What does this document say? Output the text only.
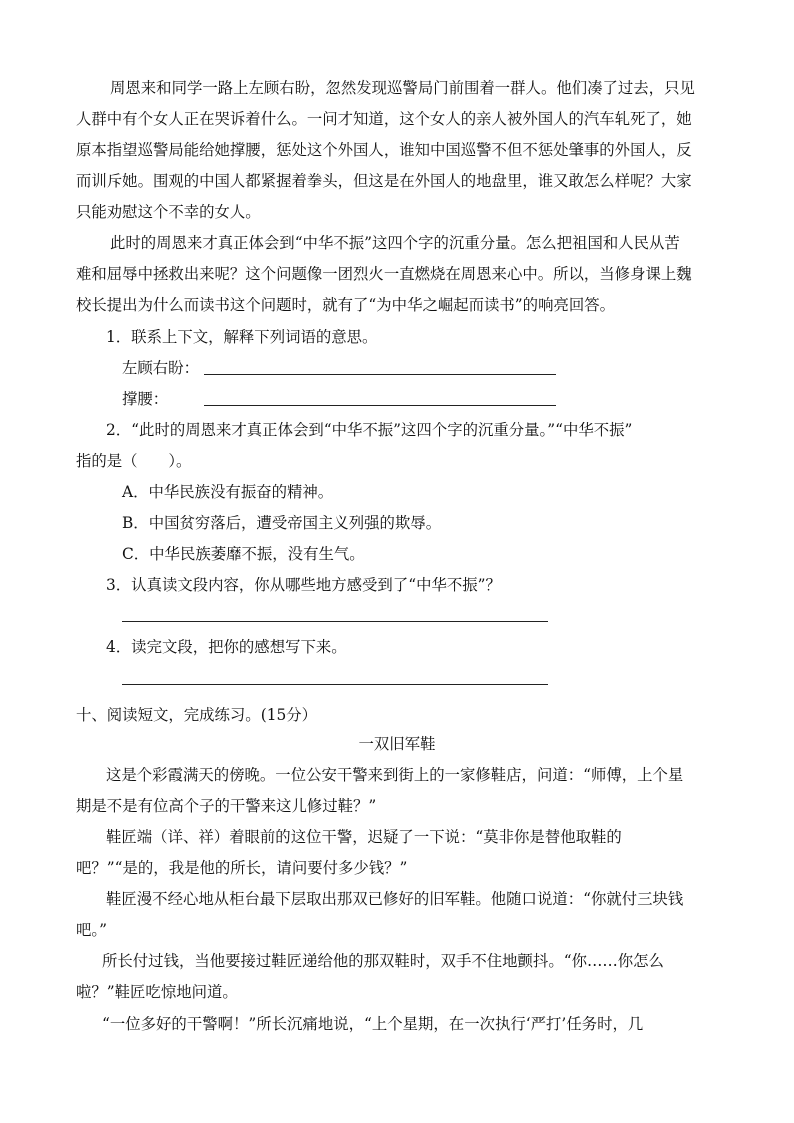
周恩来和同学一路上左顾右盼，忽然发现巡警局门前围着一群人。他们凑了过去，只见
人群中有个女人正在哭诉着什么。一问才知道，这个女人的亲人被外国人的汽车轧死了，她
原本指望巡警局能给她撑腰，惩处这个外国人，谁知中国巡警不但不惩处肇事的外国人，反
而训斥她。围观的中国人都紧握着拳头，但这是在外国人的地盘里，谁又敢怎么样呢？大家
只能劝慰这个不幸的女人。
此时的周恩来才真正体会到“中华不振”这四个字的沉重分量。怎么把祖国和人民从苦
难和屈辱中拯救出来呢？这个问题像一团烈火一直燃烧在周恩来心中。所以，当修身课上魏
校长提出为什么而读书这个问题时，就有了“为中华之崛起而读书”的响亮回答。
1．联系上下文，解释下列词语的意思。
左顾右盼：
撑腰：
2．“此时的周恩来才真正体会到“中华不振”这四个字的沉重分量。”“中华不振”
指的是（　　）。
A．中华民族没有振奋的精神。
B．中国贫穷落后，遭受帝国主义列强的欺辱。
C．中华民族萎靡不振，没有生气。
3．认真读文段内容，你从哪些地方感受到了“中华不振”？
4．读完文段，把你的感想写下来。
十、阅读短文，完成练习。(15分）
一双旧军鞋
这是个彩霞满天的傍晚。一位公安干警来到街上的一家修鞋店，问道：“师傅，上个星
期是不是有位高个子的干警来这儿修过鞋？”
鞋匠端（详、祥）着眼前的这位干警，迟疑了一下说：“莫非你是替他取鞋的
吧？”“是的，我是他的所长，请问要付多少钱？”
鞋匠漫不经心地从柜台最下层取出那双已修好的旧军鞋。他随口说道：“你就付三块钱
吧。”
所长付过钱，当他要接过鞋匠递给他的那双鞋时，双手不住地颤抖。“你……你怎么
啦？”鞋匠吃惊地问道。
“一位多好的干警啊！”所长沉痛地说，“上个星期，在一次执行‘严打’任务时，几
